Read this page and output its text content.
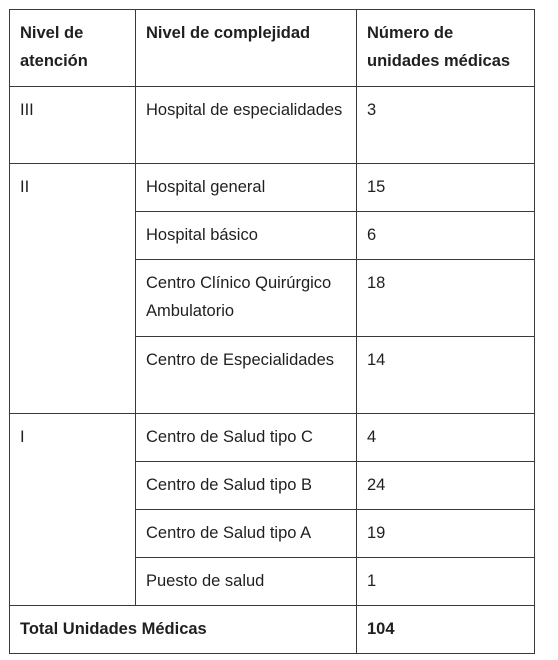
Nivel de atención	Nivel de complejidad	Número de unidades médicas
III	Hospital de especialidades	3
II	Hospital general	15
	Hospital básico	6
	Centro Clínico Quirúrgico Ambulatorio	18
	Centro de Especialidades	14
I	Centro de Salud tipo C	4
	Centro de Salud tipo B	24
	Centro de Salud tipo A	19
	Puesto de salud	1
Total Unidades Médicas		104
